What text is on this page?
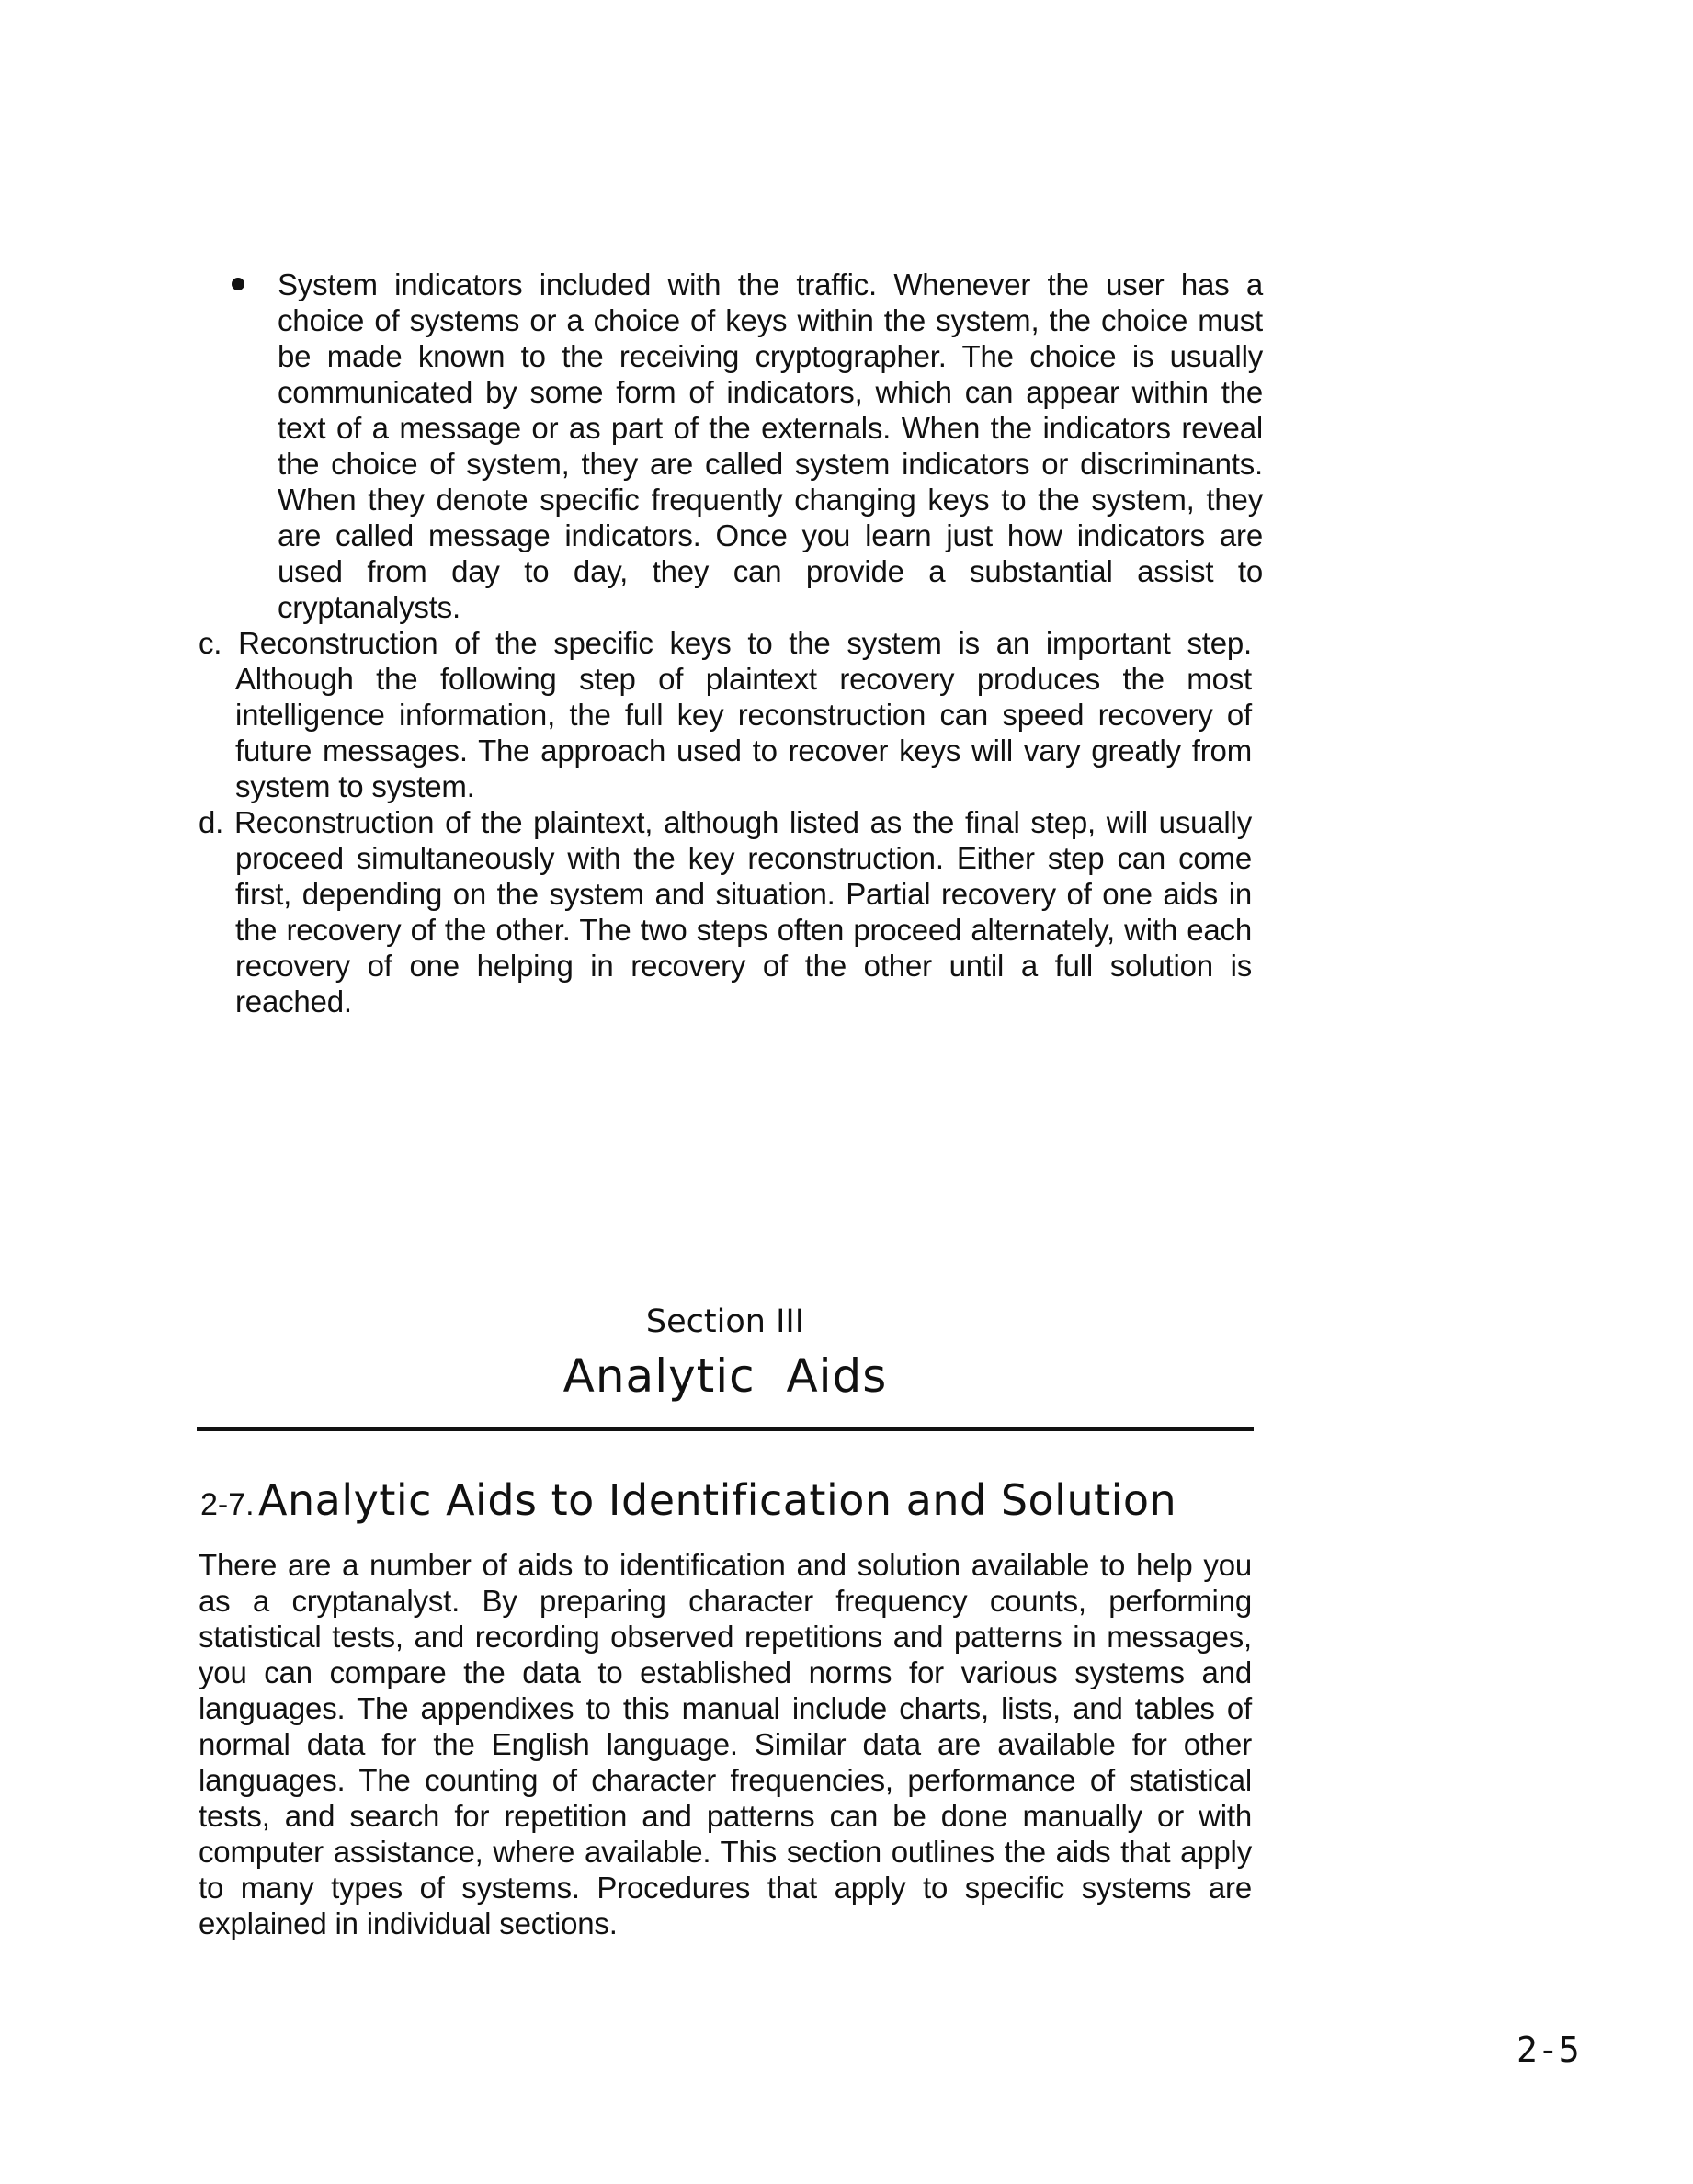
System indicators included with the traffic. Whenever the user has a choice of systems or a choice of keys within the system, the choice must be made known to the receiving cryptographer. The choice is usually communicated by some form of indicators, which can appear within the text of a message or as part of the externals. When the indicators reveal the choice of system, they are called system indicators or discriminants. When they denote specific frequently changing keys to the system, they are called message indicators. Once you learn just how indicators are used from day to day, they can provide a substantial assist to cryptanalysts.
c. Reconstruction of the specific keys to the system is an important step. Although the following step of plaintext recovery produces the most intelligence information, the full key reconstruction can speed recovery of future messages. The approach used to recover keys will vary greatly from system to system.
d. Reconstruction of the plaintext, although listed as the final step, will usually proceed simultaneously with the key reconstruction. Either step can come first, depending on the system and situation. Partial recovery of one aids in the recovery of the other. The two steps often proceed alternately, with each recovery of one helping in recovery of the other until a full solution is reached.
Section III
Analytic  Aids
2-7. Analytic Aids to Identification and Solution
There are a number of aids to identification and solution available to help you as a cryptanalyst. By preparing character frequency counts, performing statistical tests, and recording observed repetitions and patterns in messages, you can compare the data to established norms for various systems and languages. The appendixes to this manual include charts, lists, and tables of normal data for the English language. Similar data are available for other languages. The counting of character frequencies, performance of statistical tests, and search for repetition and patterns can be done manually or with computer assistance, where available. This section outlines the aids that apply to many types of systems. Procedures that apply to specific systems are explained in individual sections.
2-5
